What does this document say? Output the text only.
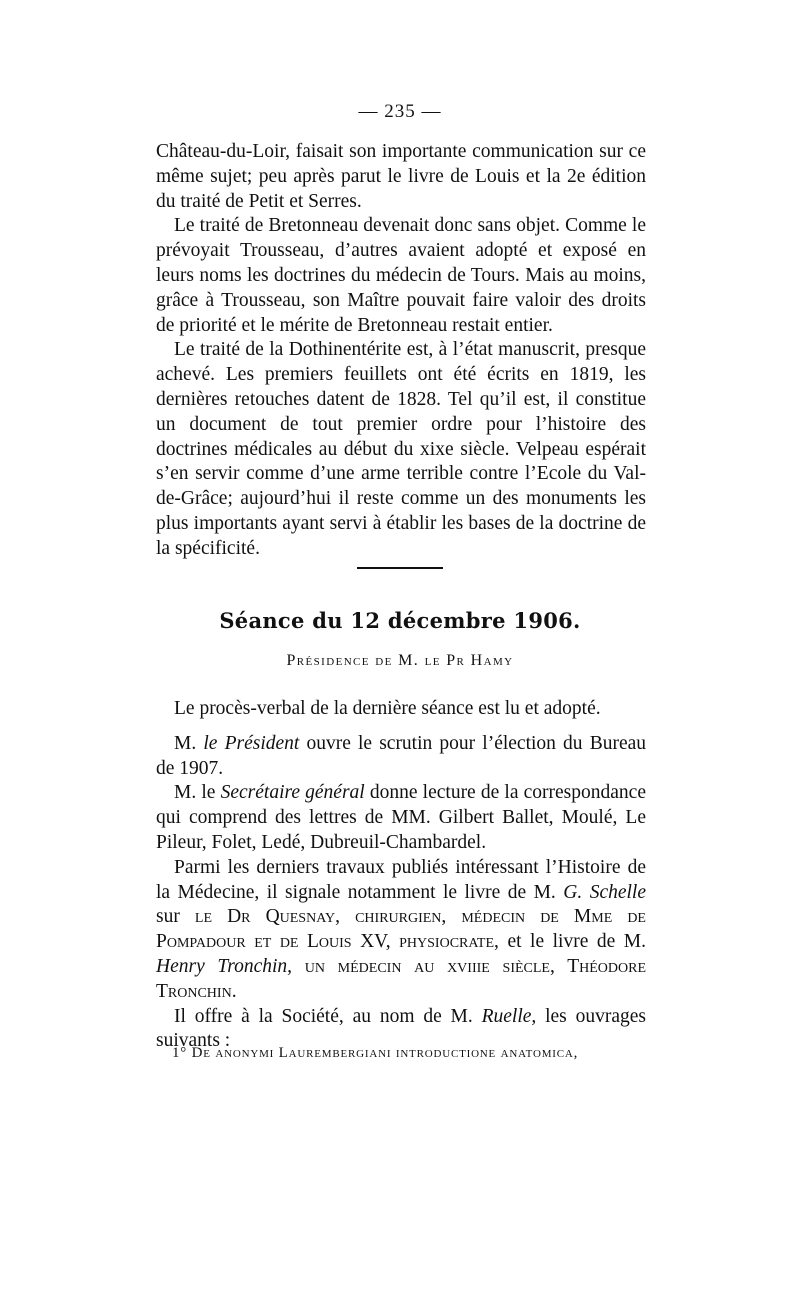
— 235 —

Château-du-Loir, faisait son importante communication sur ce même sujet; peu après parut le livre de Louis et la 2e édition du traité de Petit et Serres.

Le traité de Bretonneau devenait donc sans objet. Comme le prévoyait Trousseau, d’autres avaient adopté et exposé en leurs noms les doctrines du médecin de Tours. Mais au moins, grâce à Trousseau, son Maître pouvait faire valoir des droits de priorité et le mérite de Bretonneau restait entier.

Le traité de la Dothinentérite est, à l’état manuscrit, presque achevé. Les premiers feuillets ont été écrits en 1819, les dernières retouches datent de 1828. Tel qu’il est, il constitue un document de tout premier ordre pour l’histoire des doctrines médicales au début du xixe siècle. Velpeau espérait s’en servir comme d’une arme terrible contre l’Ecole du Val-de-Grâce; aujourd’hui il reste comme un des monuments les plus importants ayant servi à établir les bases de la doctrine de la spécificité.

Séance du 12 décembre 1906.
Présidence de M. le Pr Hamy

Le procès-verbal de la dernière séance est lu et adopté.

M. le Président ouvre le scrutin pour l’élection du Bureau de 1907.

M. le Secrétaire général donne lecture de la correspondance qui comprend des lettres de MM. Gilbert Ballet, Moulé, Le Pileur, Folet, Ledé, Dubreuil-Chambardel.

Parmi les derniers travaux publiés intéressant l’Histoire de la Médecine, il signale notamment le livre de M. G. Schelle sur le Dr Quesnay, chirurgien, médecin de Mme de Pompadour et de Louis XV, physiocrate, et le livre de M. Henry Tronchin, un médecin au xviiie siècle, Théodore Tronchin.

Il offre à la Société, au nom de M. Ruelle, les ouvrages suivants :

1° De anonymi Laurembergiani introductione anatomica,
